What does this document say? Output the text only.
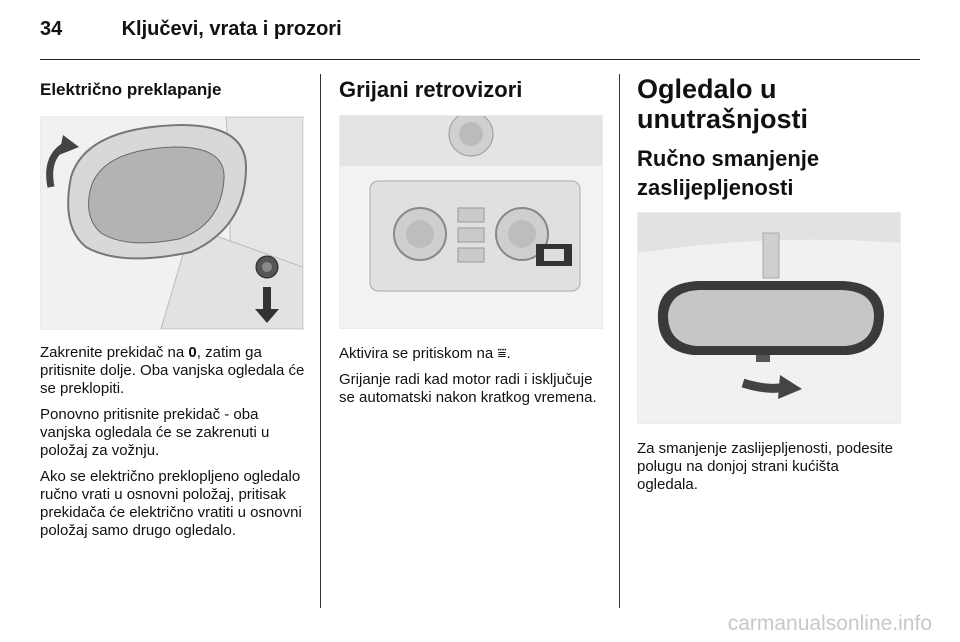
34	Ključevi, vrata i prozori
Električno preklapanje

Zakrenite prekidač na 0, zatim ga pritisnite dolje. Oba vanjska ogledala će se preklopiti.

Ponovno pritisnite prekidač - oba vanjska ogledala će se zakrenuti u položaj za vožnju.

Ako se električno preklopljeno ogledalo ručno vrati u osnovni položaj, pritisak prekidača će električno vratiti u osnovni položaj samo drugo ogledalo.

Grijani retrovizori

Aktivira se pritiskom na ⩸.

Grijanje radi kad motor radi i isključuje se automatski nakon kratkog vremena.

Ogledalo u unutrašnjosti
Ručno smanjenje zaslijepljenosti

Za smanjenje zaslijepljenosti, podesite polugu na donjoj strani kućišta ogledala.

carmanualsonline.info
